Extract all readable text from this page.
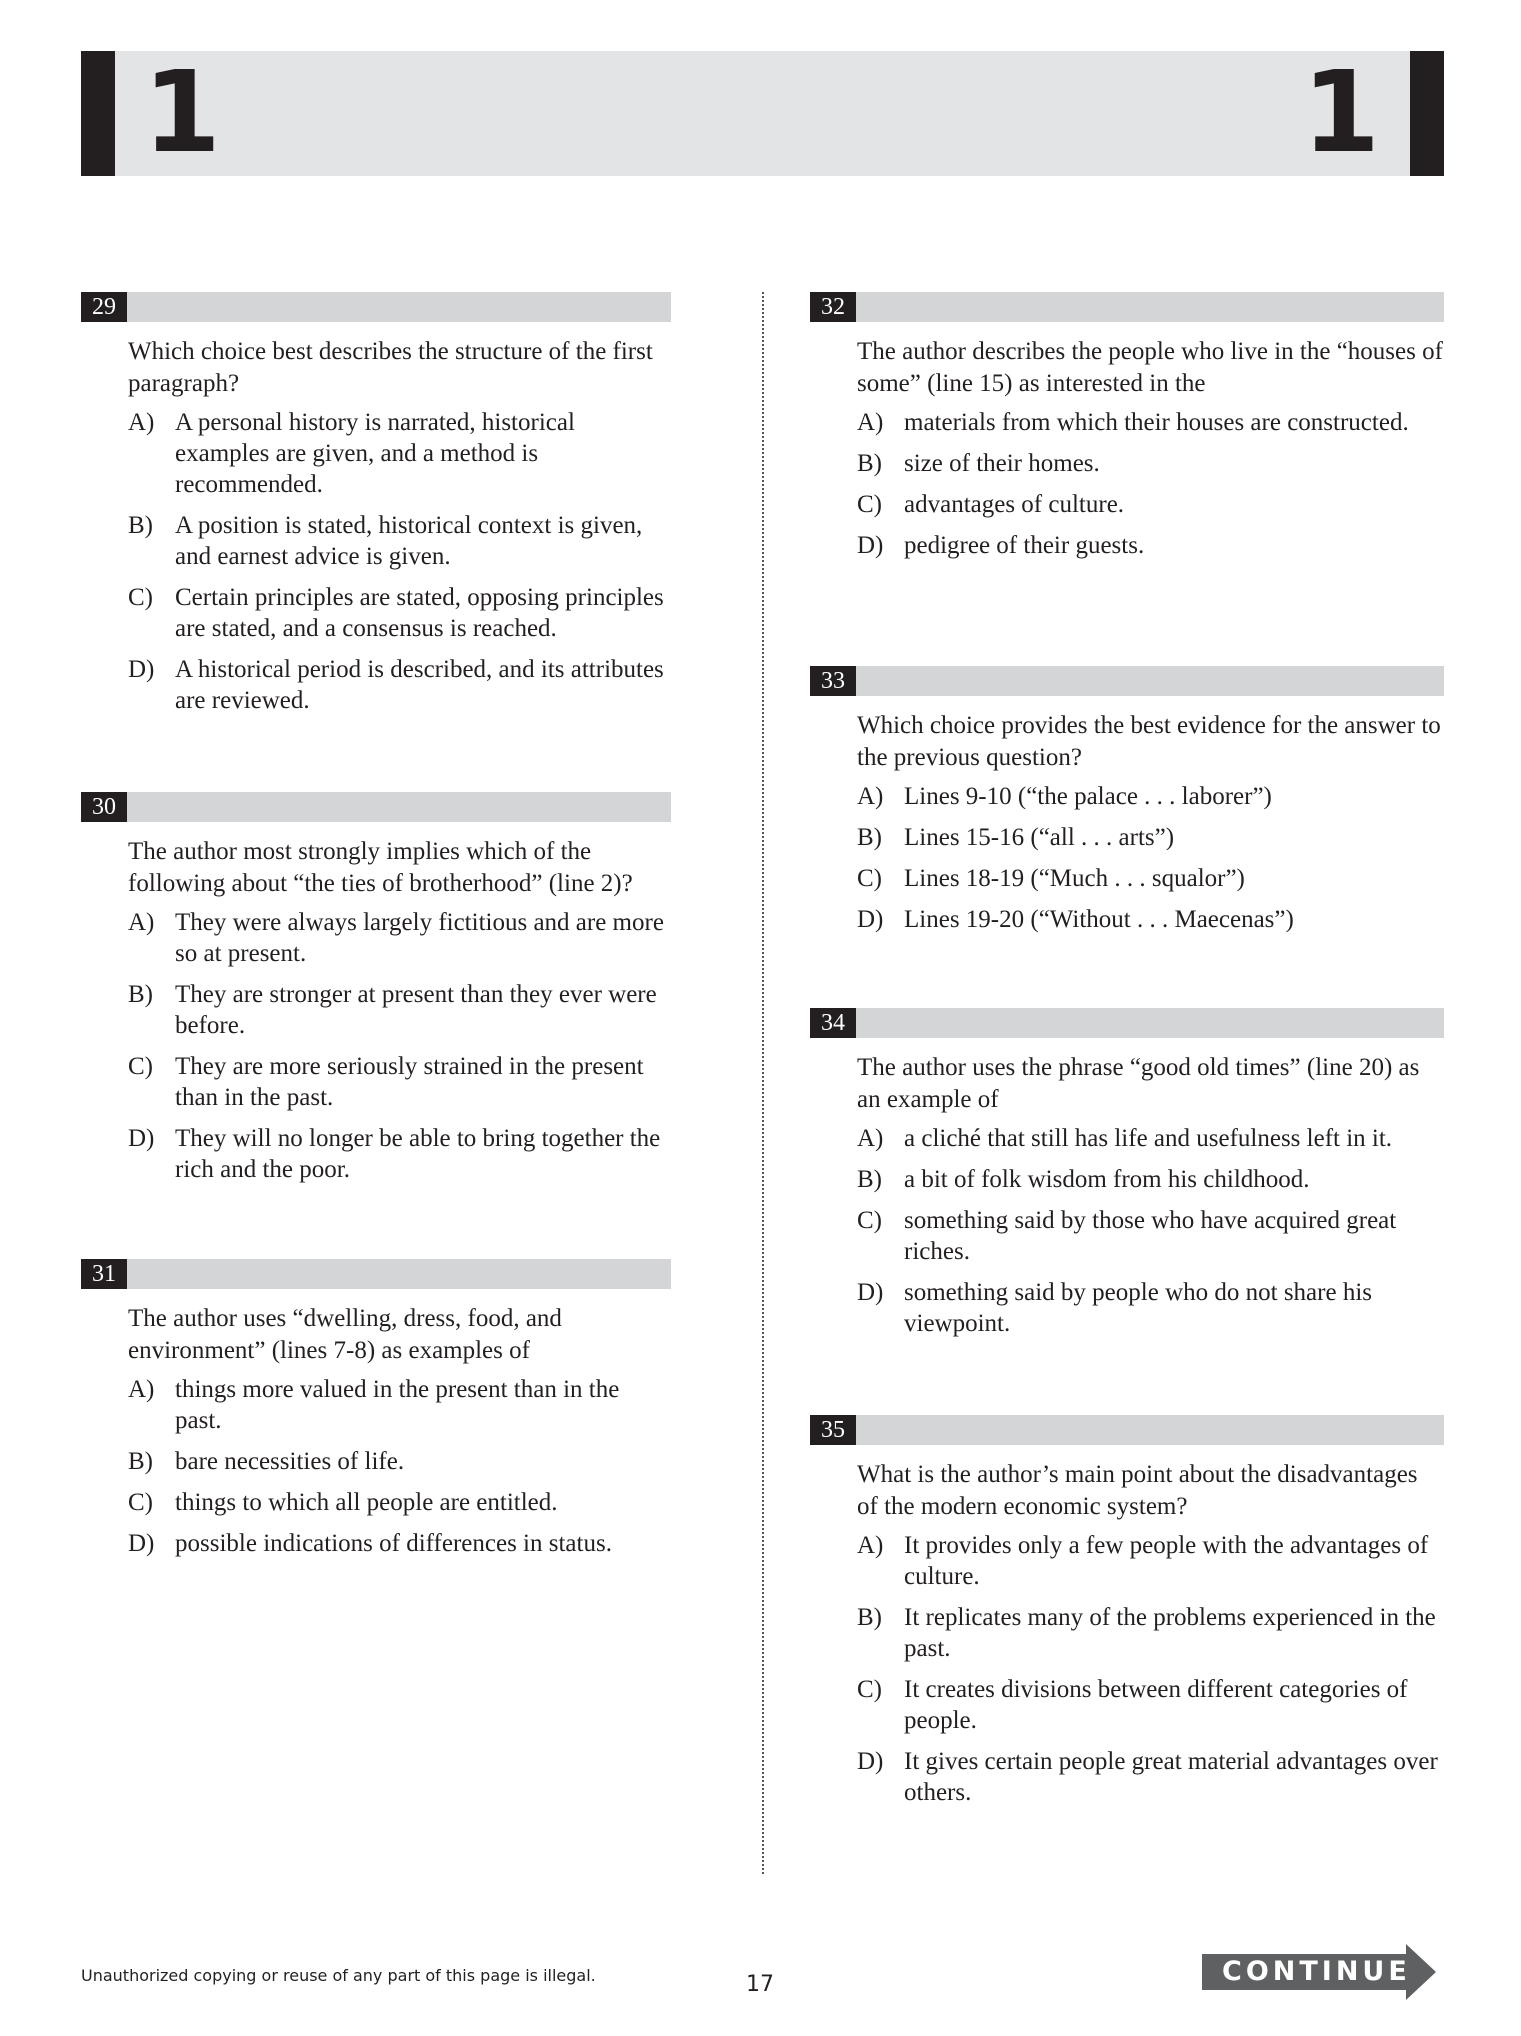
1	1
29
Which choice best describes the structure of the first paragraph?
A) A personal history is narrated, historical examples are given, and a method is recommended.
B) A position is stated, historical context is given, and earnest advice is given.
C) Certain principles are stated, opposing principles are stated, and a consensus is reached.
D) A historical period is described, and its attributes are reviewed.
30
The author most strongly implies which of the following about “the ties of brotherhood” (line 2)?
A) They were always largely fictitious and are more so at present.
B) They are stronger at present than they ever were before.
C) They are more seriously strained in the present than in the past.
D) They will no longer be able to bring together the rich and the poor.
31
The author uses “dwelling, dress, food, and environment” (lines 7-8) as examples of
A) things more valued in the present than in the past.
B) bare necessities of life.
C) things to which all people are entitled.
D) possible indications of differences in status.
32
The author describes the people who live in the “houses of some” (line 15) as interested in the
A) materials from which their houses are constructed.
B) size of their homes.
C) advantages of culture.
D) pedigree of their guests.
33
Which choice provides the best evidence for the answer to the previous question?
A) Lines 9-10 (“the palace . . . laborer”)
B) Lines 15-16 (“all . . . arts”)
C) Lines 18-19 (“Much . . . squalor”)
D) Lines 19-20 (“Without . . . Maecenas”)
34
The author uses the phrase “good old times” (line 20) as an example of
A) a cliché that still has life and usefulness left in it.
B) a bit of folk wisdom from his childhood.
C) something said by those who have acquired great riches.
D) something said by people who do not share his viewpoint.
35
What is the author’s main point about the disadvantages of the modern economic system?
A) It provides only a few people with the advantages of culture.
B) It replicates many of the problems experienced in the past.
C) It creates divisions between different categories of people.
D) It gives certain people great material advantages over others.
Unauthorized copying or reuse of any part of this page is illegal.	17	CONTINUE
